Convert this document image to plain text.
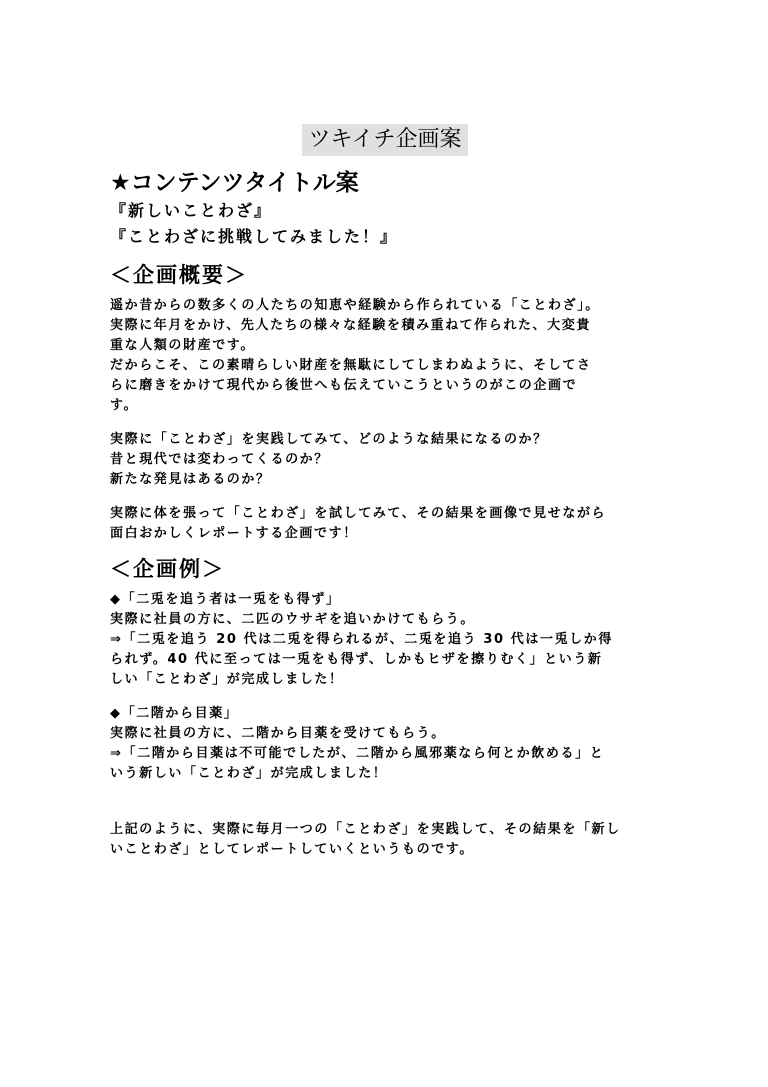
ツキイチ企画案
★コンテンツタイトル案
『新しいことわざ』
『ことわざに挑戦してみました！』
＜企画概要＞
遥か昔からの数多くの人たちの知恵や経験から作られている「ことわざ」。
実際に年月をかけ、先人たちの様々な経験を積み重ねて作られた、大変貴
重な人類の財産です。
だからこそ、この素晴らしい財産を無駄にしてしまわぬように、そしてさ
らに磨きをかけて現代から後世へも伝えていこうというのがこの企画で
す。
実際に「ことわざ」を実践してみて、どのような結果になるのか？
昔と現代では変わってくるのか？
新たな発見はあるのか？
実際に体を張って「ことわざ」を試してみて、その結果を画像で見せながら
面白おかしくレポートする企画です！
＜企画例＞
◆「二兎を追う者は一兎をも得ず」
実際に社員の方に、二匹のウサギを追いかけてもらう。
⇒「二兎を追う 20 代は二兎を得られるが、二兎を追う 30 代は一兎しか得
られず。40 代に至っては一兎をも得ず、しかもヒザを擦りむく」という新
しい「ことわざ」が完成しました！
◆「二階から目薬」
実際に社員の方に、二階から目薬を受けてもらう。
⇒「二階から目薬は不可能でしたが、二階から風邪薬なら何とか飲める」と
いう新しい「ことわざ」が完成しました！
上記のように、実際に毎月一つの「ことわざ」を実践して、その結果を「新し
いことわざ」としてレポートしていくというものです。
